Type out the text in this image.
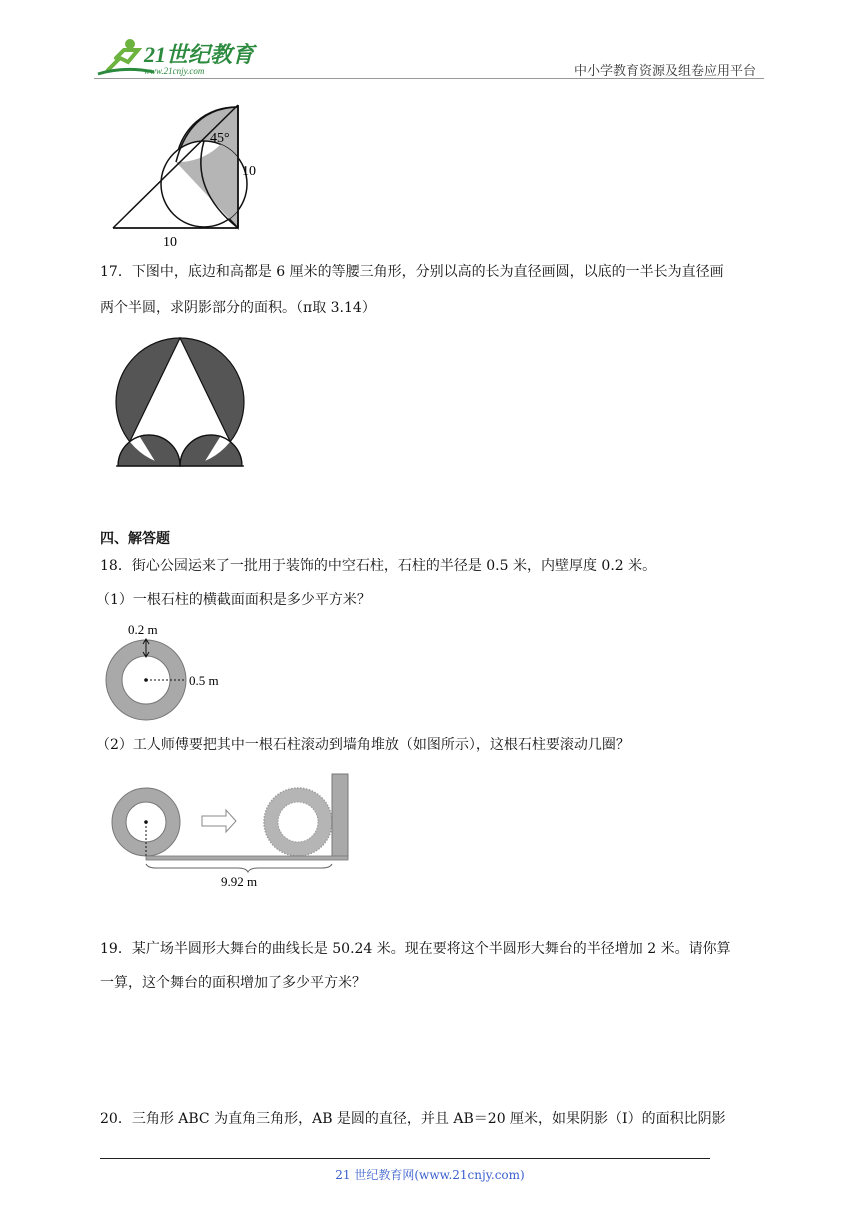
21世纪教育
www.21cnjy.com	中小学教育资源及组卷应用平台
45°
10
10
17．下图中，底边和高都是 6 厘米的等腰三角形，分别以高的长为直径画圆，以底的一半长为直径画
两个半圆，求阴影部分的面积。（π取 3.14）
四、解答题
18．街心公园运来了一批用于装饰的中空石柱，石柱的半径是 0.5 米，内壁厚度 0.2 米。
（1）一根石柱的横截面面积是多少平方米？
0.2 m
0.5 m
（2）工人师傅要把其中一根石柱滚动到墙角堆放（如图所示），这根石柱要滚动几圈？
9.92 m
19．某广场半圆形大舞台的曲线长是 50.24 米。现在要将这个半圆形大舞台的半径增加 2 米。请你算
一算，这个舞台的面积增加了多少平方米？
20．三角形 ABC 为直角三角形，AB 是圆的直径，并且 AB＝20 厘米，如果阴影（I）的面积比阴影
21 世纪教育网(www.21cnjy.com)
